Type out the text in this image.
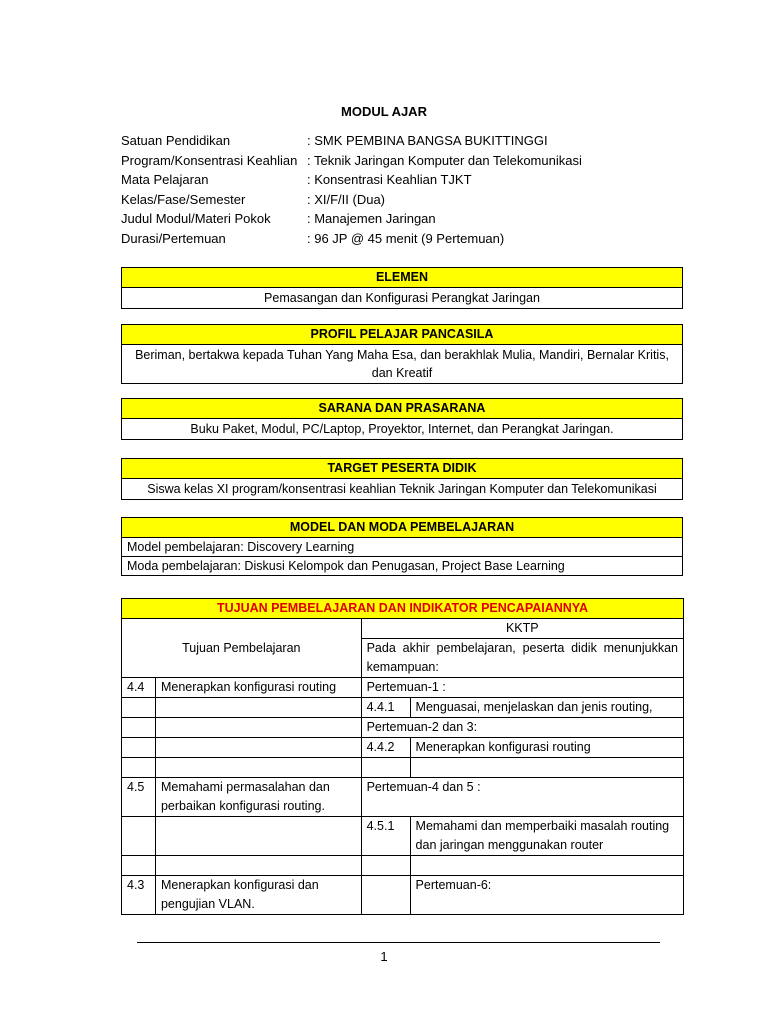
MODUL AJAR
Satuan Pendidikan	: SMK PEMBINA BANGSA BUKITTINGGI
Program/Konsentrasi Keahlian : Teknik Jaringan Komputer dan Telekomunikasi
Mata Pelajaran	: Konsentrasi Keahlian TJKT
Kelas/Fase/Semester	: XI/F/II (Dua)
Judul Modul/Materi Pokok	: Manajemen Jaringan
Durasi/Pertemuan	: 96 JP @ 45 menit (9 Pertemuan)
ELEMEN
Pemasangan dan Konfigurasi Perangkat Jaringan
PROFIL PELAJAR PANCASILA
Beriman, bertakwa kepada Tuhan Yang Maha Esa, dan berakhlak Mulia, Mandiri, Bernalar Kritis, dan Kreatif
SARANA DAN PRASARANA
Buku Paket, Modul, PC/Laptop, Proyektor, Internet, dan Perangkat Jaringan.
TARGET PESERTA DIDIK
Siswa kelas XI program/konsentrasi keahlian Teknik Jaringan Komputer dan Telekomunikasi
MODEL DAN MODA PEMBELAJARAN
Model pembelajaran: Discovery Learning
Moda pembelajaran: Diskusi Kelompok dan Penugasan, Project Base Learning
TUJUAN PEMBELAJARAN DAN INDIKATOR PENCAPAIANNYA			
Tujuan Pembelajaran		KKTP	
		Pada akhir pembelajaran, peserta didik menunjukkan kemampuan:	

4.4	Menerapkan konfigurasi routing	Pertemuan-1 :	
		4.4.1	Menguasai, menjelaskan dan jenis routing,
		Pertemuan-2 dan 3:	
		4.4.2	Menerapkan konfigurasi routing

4.5	Memahami permasalahan dan perbaikan konfigurasi routing.	Pertemuan-4 dan 5 :	
		4.5.1	Memahami dan memperbaiki masalah routing dan jaringan menggunakan router

4.3	Menerapkan konfigurasi dan pengujian VLAN.		Pertemuan-6:
1
